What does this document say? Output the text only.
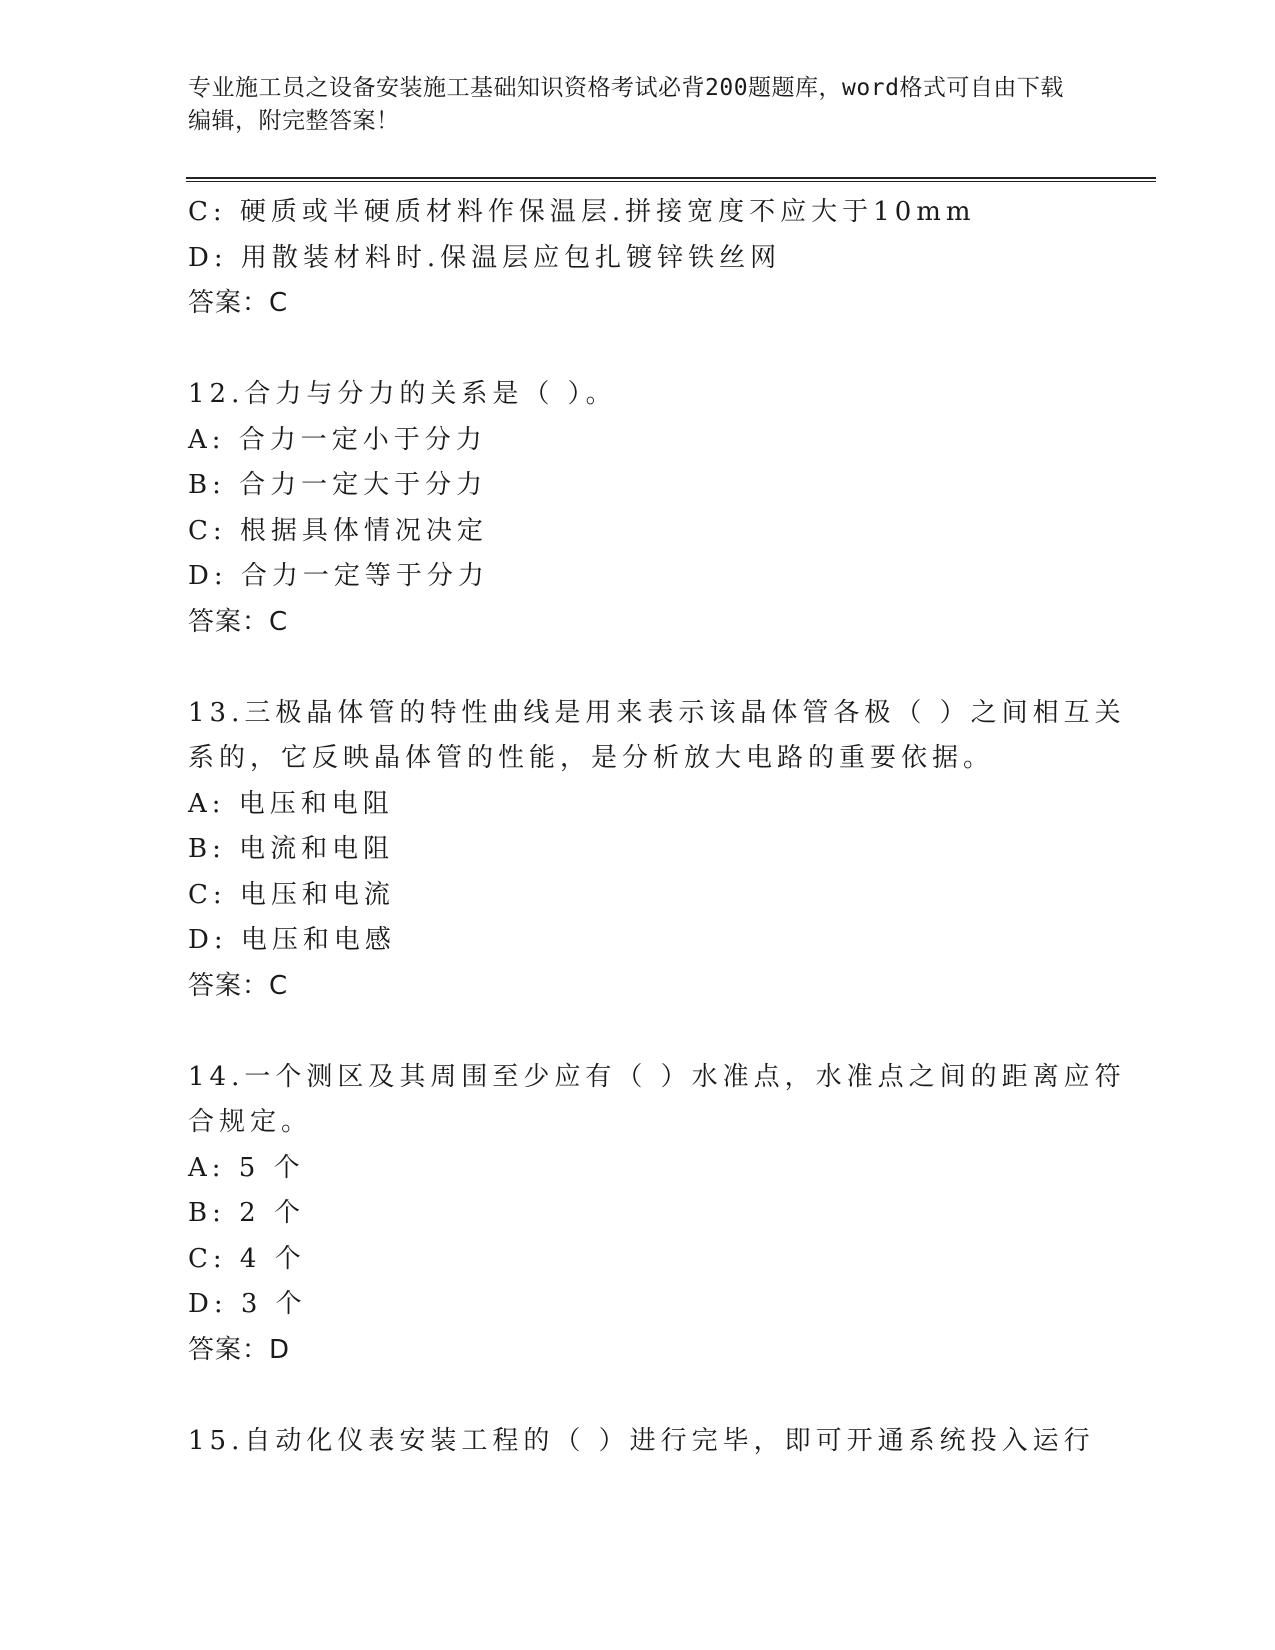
专业施工员之设备安装施工基础知识资格考试必背200题题库，word格式可自由下载编辑，附完整答案！
C: 硬质或半硬质材料作保温层.拼接宽度不应大于10mm
D: 用散装材料时.保温层应包扎镀锌铁丝网
答案：C
12.合力与分力的关系是（ ）。
A: 合力一定小于分力
B: 合力一定大于分力
C: 根据具体情况决定
D: 合力一定等于分力
答案：C
13.三极晶体管的特性曲线是用来表示该晶体管各极（ ）之间相互关
系的，它反映晶体管的性能，是分析放大电路的重要依据。
A: 电压和电阻
B: 电流和电阻
C: 电压和电流
D: 电压和电感
答案：C
14.一个测区及其周围至少应有（ ）水准点，水准点之间的距离应符
合规定。
A: 5 个
B: 2 个
C: 4 个
D: 3 个
答案：D
15.自动化仪表安装工程的（ ）进行完毕，即可开通系统投入运行
